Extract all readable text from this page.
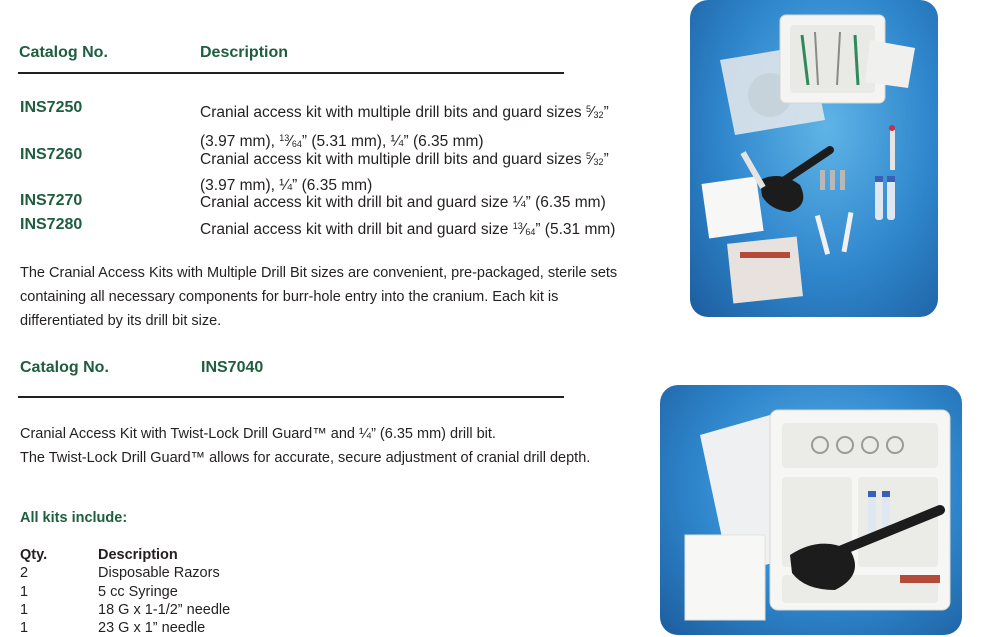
Catalog No.	Description
INS7250	Cranial access kit with multiple drill bits and guard sizes $^5⁄_{32}$”
(3.97 mm), $^{13}⁄_{64}$” (5.31 mm), ¼” (6.35 mm)
INS7260	Cranial access kit with multiple drill bits and guard sizes $^5⁄_{32}$”
(3.97 mm), ¼” (6.35 mm)
INS7270	Cranial access kit with drill bit and guard size ¼” (6.35 mm)
INS7280	Cranial access kit with drill bit and guard size $^{13}⁄_{64}$” (5.31 mm)
The Cranial Access Kits with Multiple Drill Bit sizes are convenient, pre-packaged, sterile sets containing all necessary components for burr-hole entry into the cranium. Each kit is differentiated by its drill bit size.
Catalog No.	INS7040
Cranial Access Kit with Twist-Lock Drill Guard™ and ¼” (6.35 mm) drill bit.
The Twist-Lock Drill Guard™ allows for accurate, secure adjustment of cranial drill depth.
All kits include:
Qty.	Description
2	Disposable Razors
1	5 cc Syringe
1	18 G x 1-1/2” needle
1	23 G x 1” needle
